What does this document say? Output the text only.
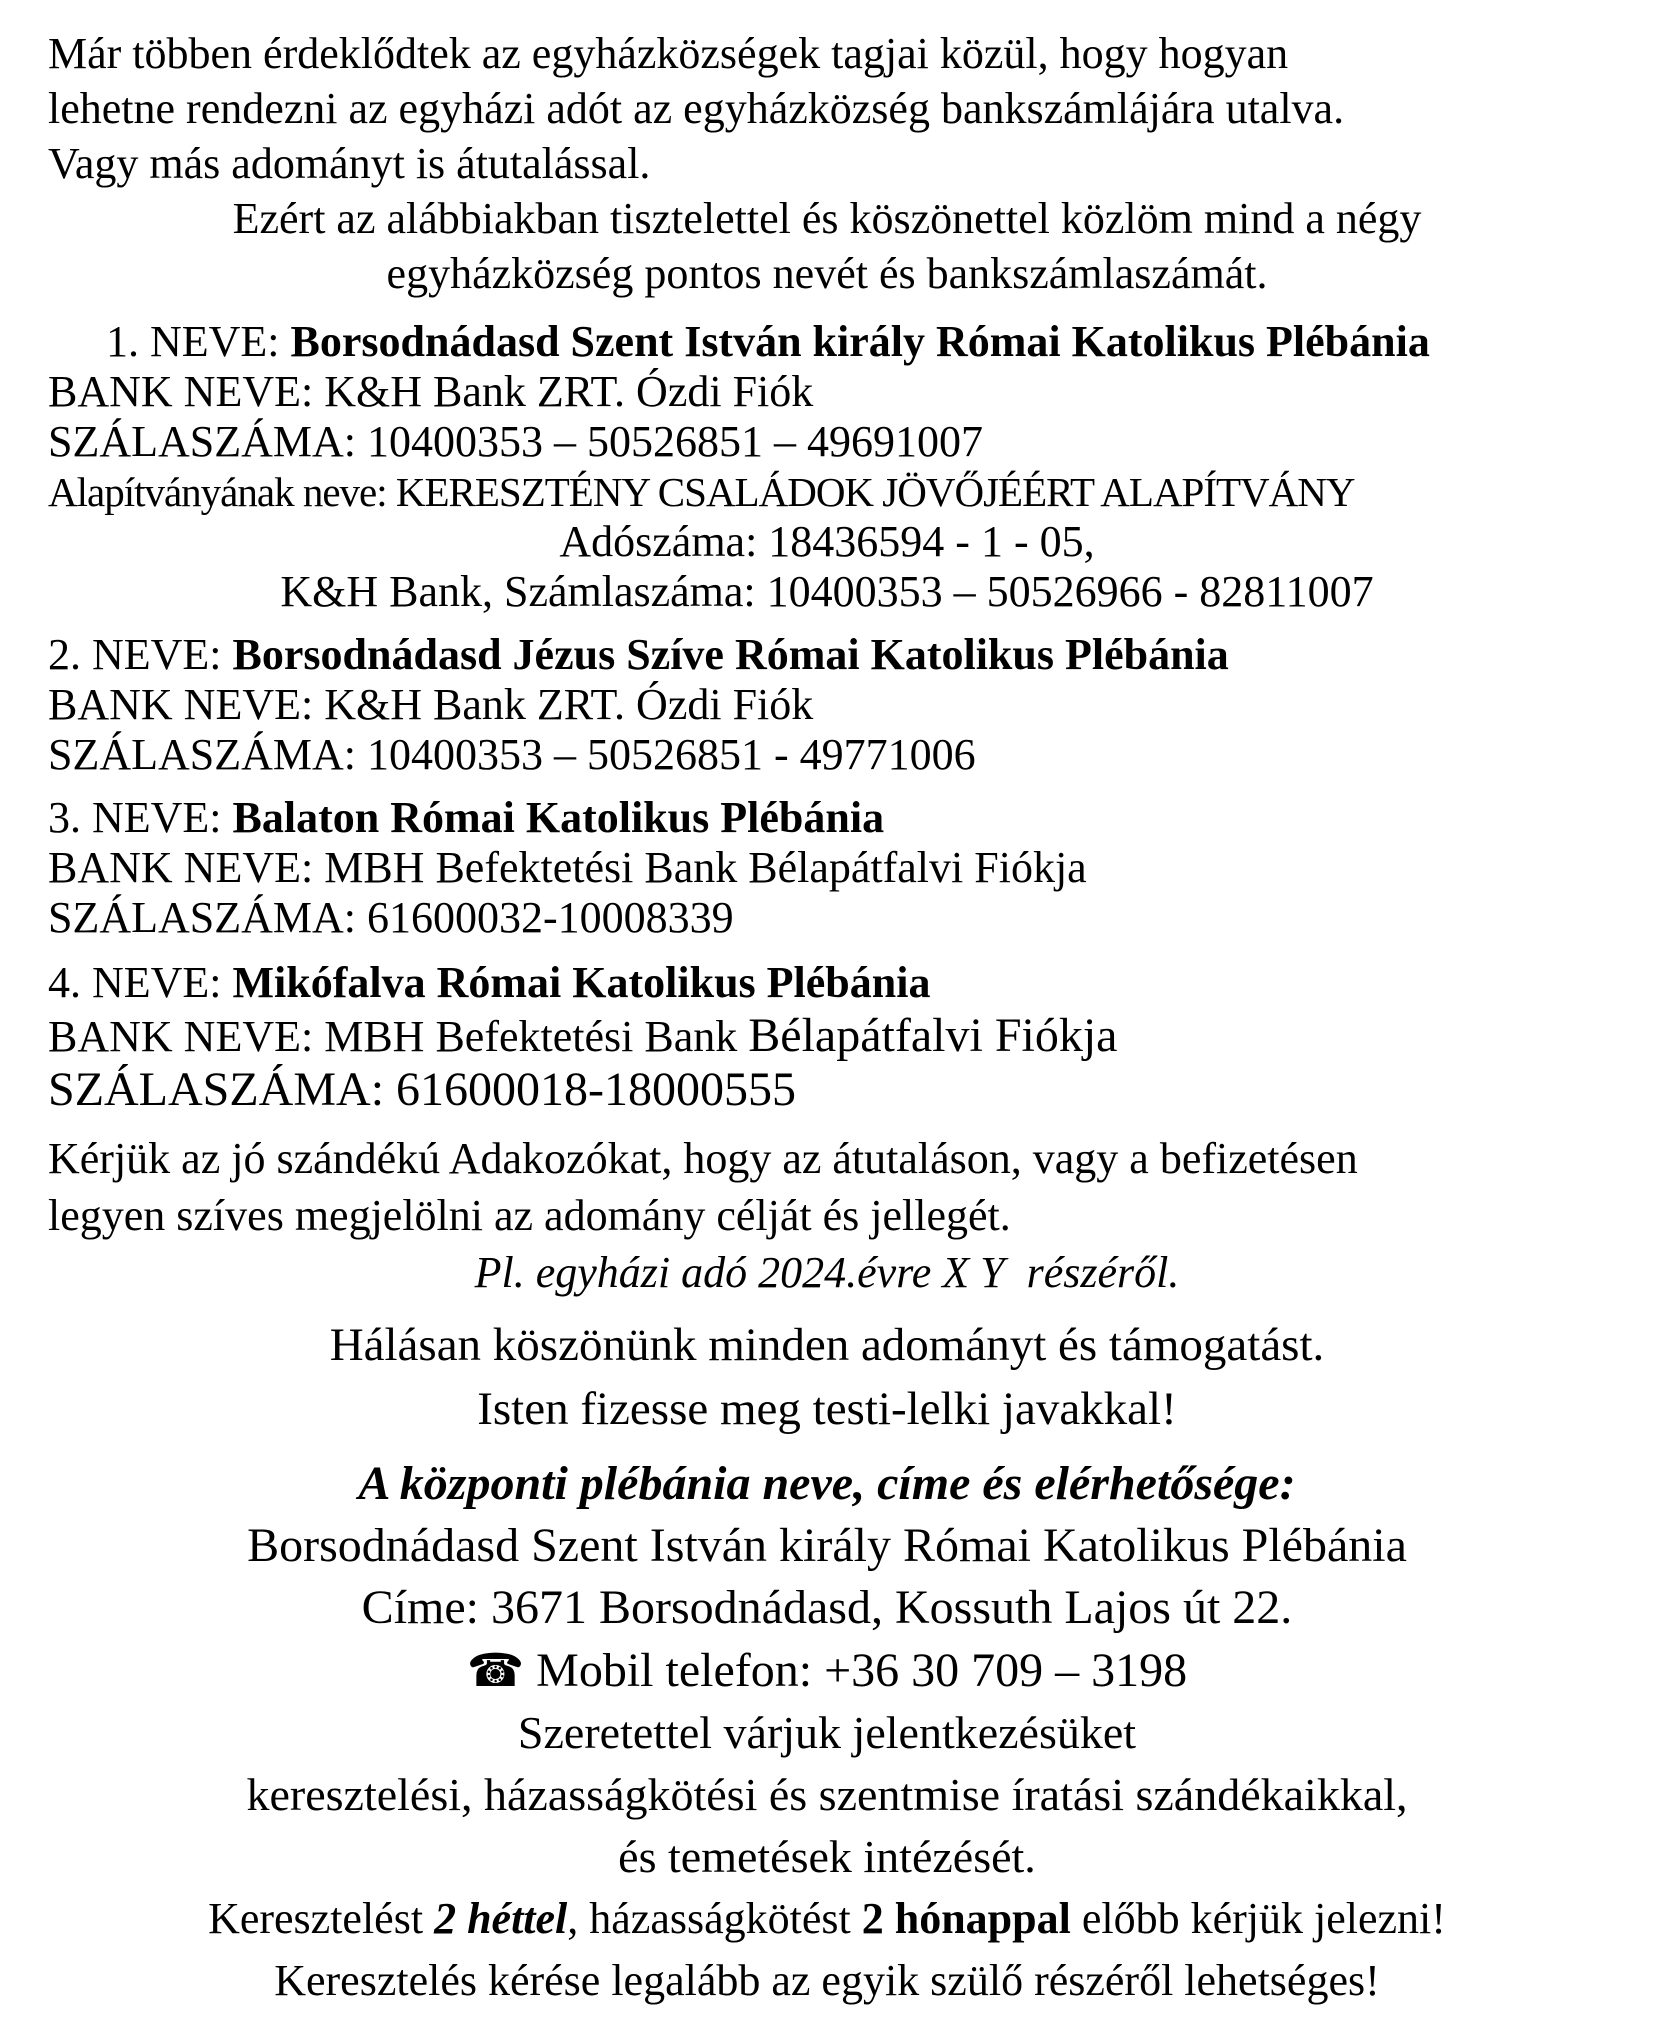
Már többen érdeklődtek az egyházközségek tagjai közül, hogy hogyan
lehetne rendezni az egyházi adót az egyházközség bankszámlájára utalva.
Vagy más adományt is átutalással.
Ezért az alábbiakban tisztelettel és köszönettel közlöm mind a négy
egyházközség pontos nevét és bankszámlaszámát.
1. NEVE: Borsodnádasd Szent István király Római Katolikus Plébánia
BANK NEVE: K&H Bank ZRT. Ózdi Fiók
SZÁLASZÁMA: 10400353 – 50526851 – 49691007
Alapítványának neve: KERESZTÉNY CSALÁDOK JÖVŐJÉÉRT ALAPÍTVÁNY
Adószáma: 18436594 - 1 - 05,
K&H Bank, Számlaszáma: 10400353 – 50526966 - 82811007
2. NEVE: Borsodnádasd Jézus Szíve Római Katolikus Plébánia
BANK NEVE: K&H Bank ZRT. Ózdi Fiók
SZÁLASZÁMA: 10400353 – 50526851 - 49771006
3. NEVE: Balaton Római Katolikus Plébánia
BANK NEVE: MBH Befektetési Bank Bélapátfalvi Fiókja
SZÁLASZÁMA: 61600032-10008339
4. NEVE: Mikófalva Római Katolikus Plébánia
BANK NEVE: MBH Befektetési Bank Bélapátfalvi Fiókja
SZÁLASZÁMA: 61600018-18000555
Kérjük az jó szándékú Adakozókat, hogy az átutaláson, vagy a befizetésen
legyen szíves megjelölni az adomány célját és jellegét.
Pl. egyházi adó 2024.évre X Y  részéről.
Hálásan köszönünk minden adományt és támogatást.
Isten fizesse meg testi-lelki javakkal!
A központi plébánia neve, címe és elérhetősége:
Borsodnádasd Szent István király Római Katolikus Plébánia
Címe: 3671 Borsodnádasd, Kossuth Lajos út 22.
☎ Mobil telefon: +36 30 709 – 3198
Szeretettel várjuk jelentkezésüket
keresztelési, házasságkötési és szentmise íratási szándékaikkal,
és temetések intézését.
Keresztelést 2 héttel, házasságkötést 2 hónappal előbb kérjük jelezni!
Keresztelés kérése legalább az egyik szülő részéről lehetséges!
